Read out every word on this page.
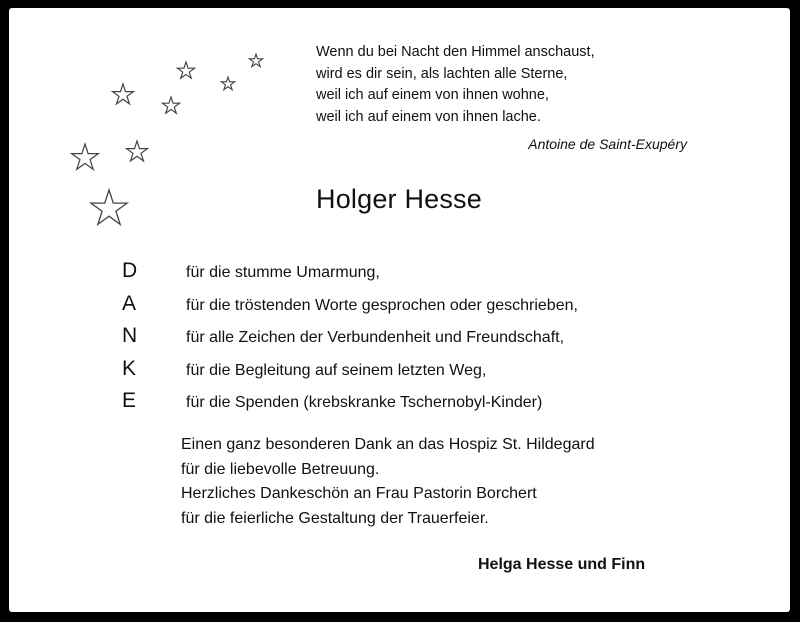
Wenn du bei Nacht den Himmel anschaust,
wird es dir sein, als lachten alle Sterne,
weil ich auf einem von ihnen wohne,
weil ich auf einem von ihnen lache.
Antoine de Saint-Exupéry
Holger Hesse
D	für die stumme Umarmung,
A	für die tröstenden Worte gesprochen oder geschrieben,
N	für alle Zeichen der Verbundenheit und Freundschaft,
K	für die Begleitung auf seinem letzten Weg,
E	für die Spenden (krebskranke Tschernobyl-Kinder)
Einen ganz besonderen Dank an das Hospiz St. Hildegard
für die liebevolle Betreuung.
Herzliches Dankeschön an Frau Pastorin Borchert
für die feierliche Gestaltung der Trauerfeier.
Helga Hesse und Finn
